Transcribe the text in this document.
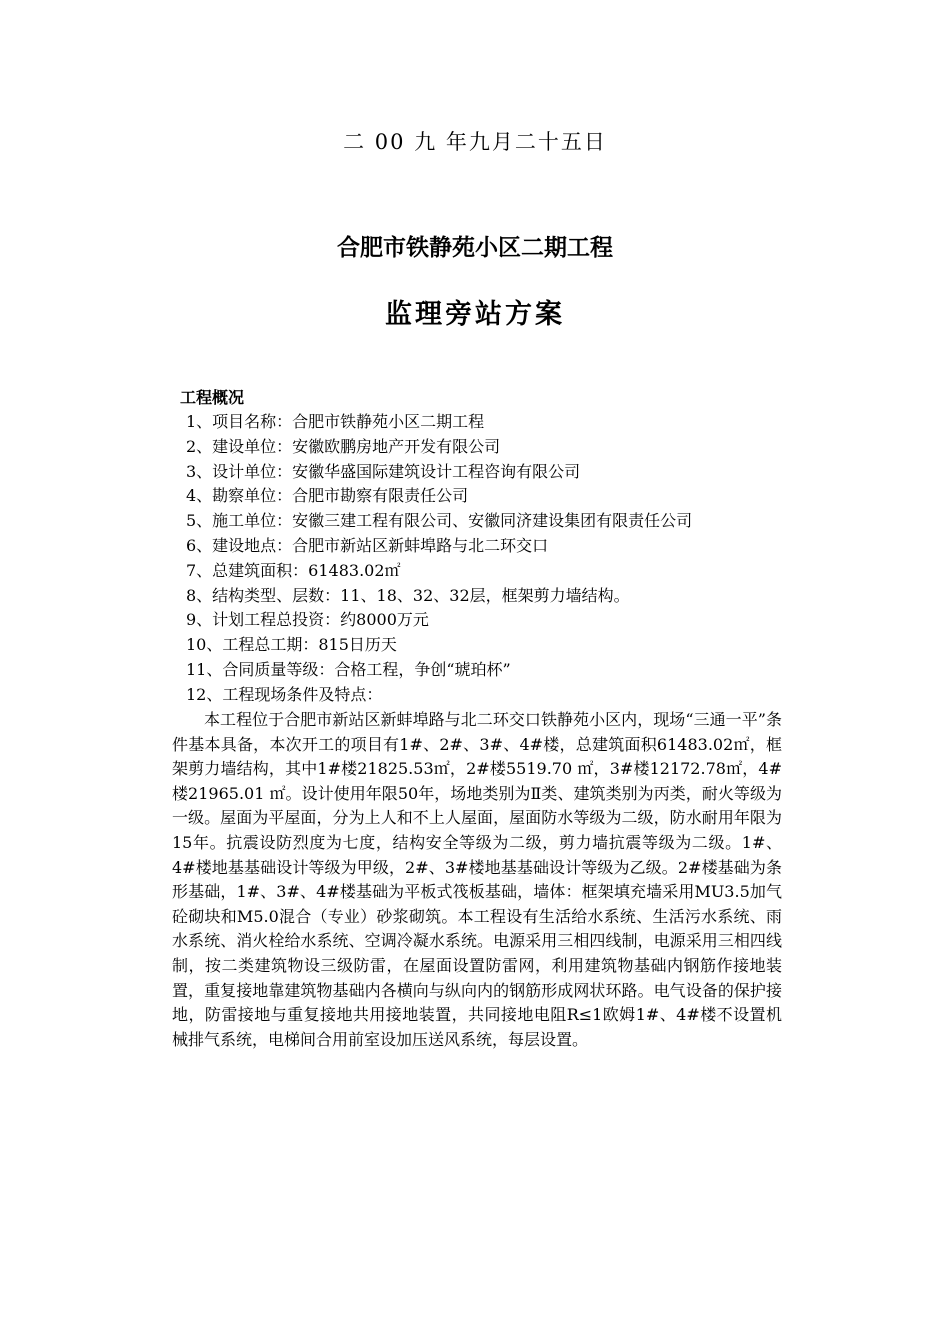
二 00 九 年九月二十五日
合肥市铁静苑小区二期工程
监理旁站方案
工程概况
1、项目名称：合肥市铁静苑小区二期工程
2、建设单位：安徽欧鹏房地产开发有限公司
3、设计单位：安徽华盛国际建筑设计工程咨询有限公司
4、勘察单位：合肥市勘察有限责任公司
5、施工单位：安徽三建工程有限公司、安徽同济建设集团有限责任公司
6、建设地点：合肥市新站区新蚌埠路与北二环交口
7、总建筑面积：61483.02㎡
8、结构类型、层数：11、18、32、32层，框架剪力墙结构。
9、计划工程总投资：约8000万元
10、工程总工期：815日历天
11、合同质量等级：合格工程，争创“琥珀杯”
12、工程现场条件及特点：

本工程位于合肥市新站区新蚌埠路与北二环交口铁静苑小区内，现场“三通一平”条件基本具备，本次开工的项目有1#、2#、3#、4#楼，总建筑面积61483.02㎡，框架剪力墙结构，其中1#楼21825.53㎡，2#楼5519.70 ㎡，3#楼12172.78㎡，4#楼21965.01 ㎡。设计使用年限50年，场地类别为Ⅱ类、建筑类别为丙类，耐火等级为一级。屋面为平屋面，分为上人和不上人屋面，屋面防水等级为二级，防水耐用年限为15年。抗震设防烈度为七度，结构安全等级为二级，剪力墙抗震等级为二级。1#、4#楼地基基础设计等级为甲级，2#、3#楼地基基础设计等级为乙级。2#楼基础为条形基础，1#、3#、4#楼基础为平板式筏板基础，墙体：框架填充墙采用MU3.5加气砼砌块和M5.0混合（专业）砂浆砌筑。本工程设有生活给水系统、生活污水系统、雨水系统、消火栓给水系统、空调冷凝水系统。电源采用三相四线制，电源采用三相四线制，按二类建筑物设三级防雷，在屋面设置防雷网，利用建筑物基础内钢筋作接地装置，重复接地靠建筑物基础内各横向与纵向内的钢筋形成网状环路。电气设备的保护接地，防雷接地与重复接地共用接地装置，共同接地电阻R≤1欧姆1#、4#楼不设置机械排气系统，电梯间合用前室设加压送风系统，每层设置。
